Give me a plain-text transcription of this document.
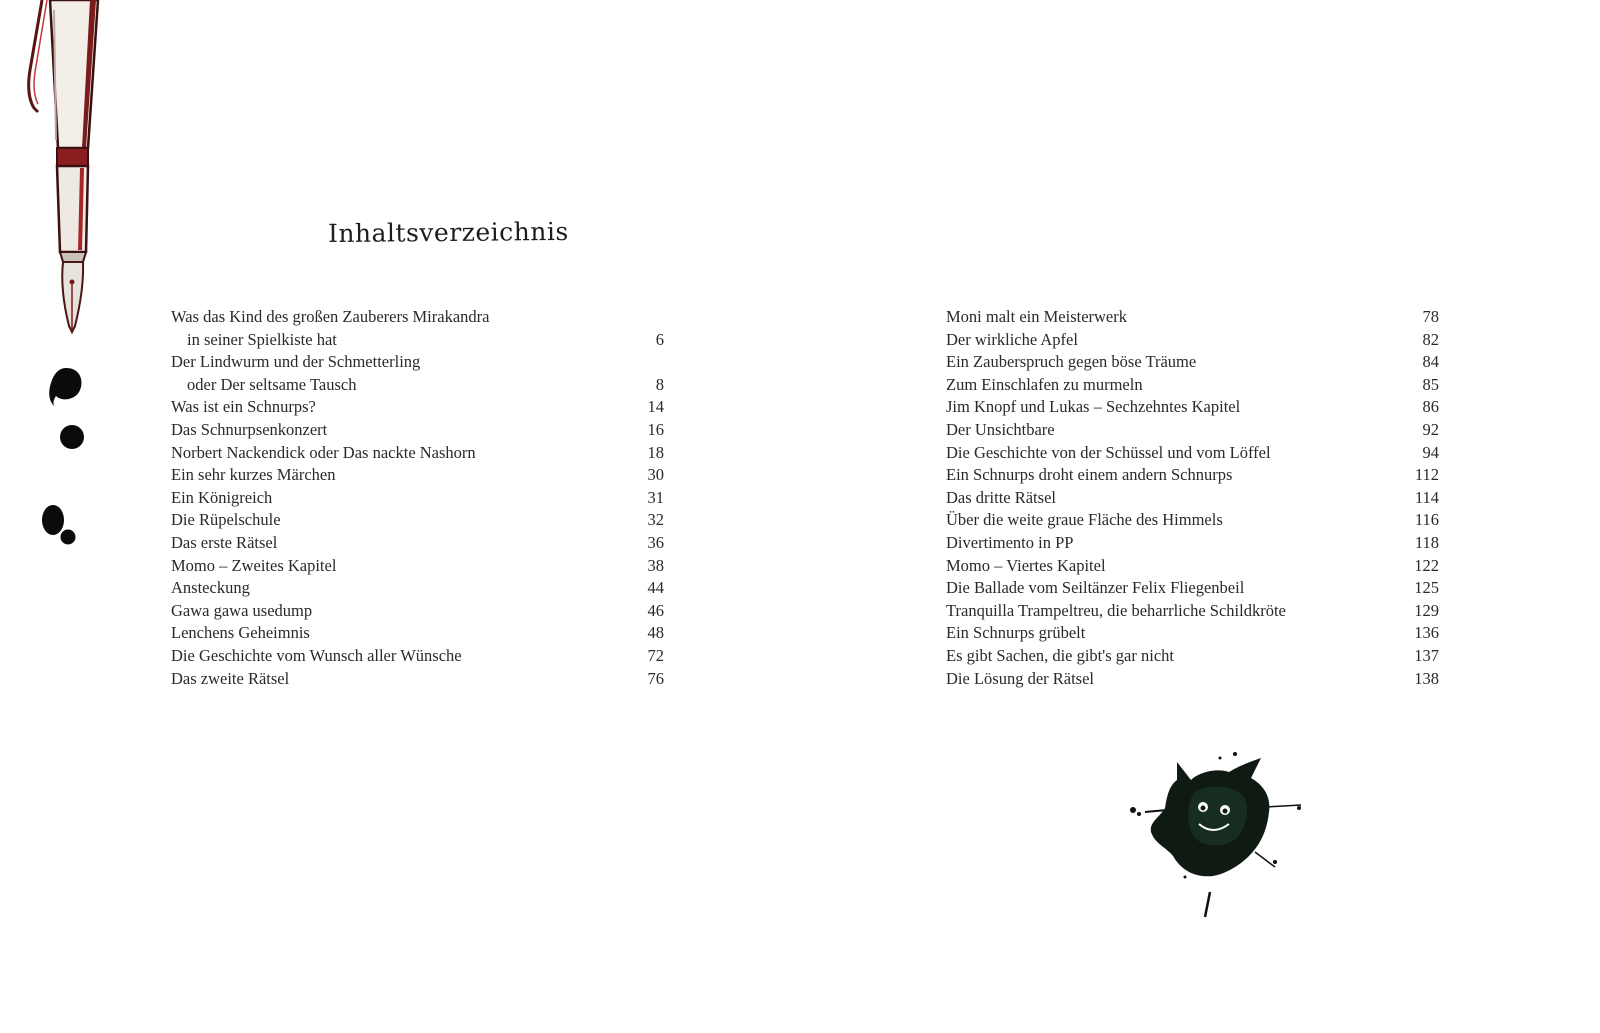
Inhaltsverzeichnis
Was das Kind des großen Zauberers Mirakandra
in seiner Spielkiste hat	6
Der Lindwurm und der Schmetterling
oder Der seltsame Tausch	8
Was ist ein Schnurps?	14
Das Schnurpsenkonzert	16
Norbert Nackendick oder Das nackte Nashorn	18
Ein sehr kurzes Märchen	30
Ein Königreich	31
Die Rüpelschule	32
Das erste Rätsel	36
Momo – Zweites Kapitel	38
Ansteckung	44
Gawa gawa usedump	46
Lenchens Geheimnis	48
Die Geschichte vom Wunsch aller Wünsche	72
Das zweite Rätsel	76
Moni malt ein Meisterwerk	78
Der wirkliche Apfel	82
Ein Zauberspruch gegen böse Träume	84
Zum Einschlafen zu murmeln	85
Jim Knopf und Lukas – Sechzehntes Kapitel	86
Der Unsichtbare	92
Die Geschichte von der Schüssel und vom Löffel	94
Ein Schnurps droht einem andern Schnurps	112
Das dritte Rätsel	114
Über die weite graue Fläche des Himmels	116
Divertimento in PP	118
Momo – Viertes Kapitel	122
Die Ballade vom Seiltänzer Felix Fliegenbeil	125
Tranquilla Trampeltreu, die beharrliche Schildkröte	129
Ein Schnurps grübelt	136
Es gibt Sachen, die gibt's gar nicht	137
Die Lösung der Rätsel	138
